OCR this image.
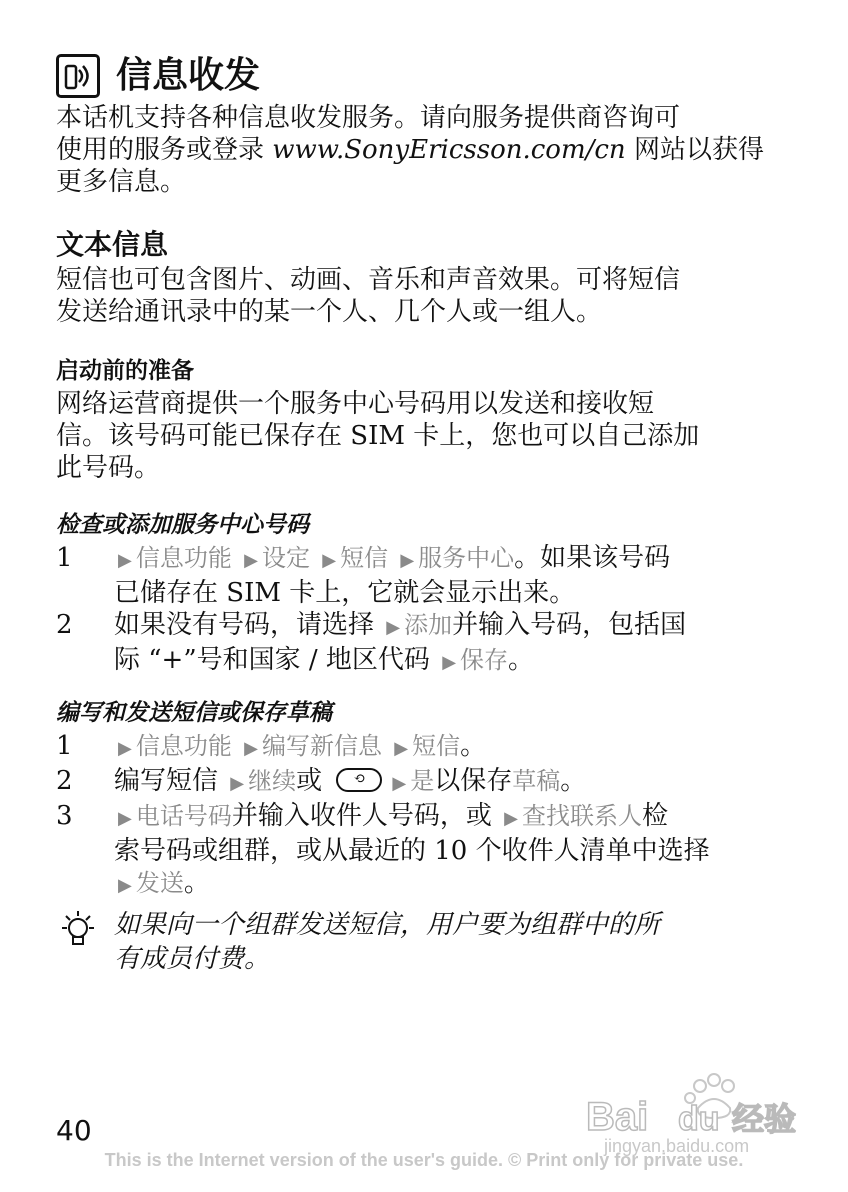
信息收发
本话机支持各种信息收发服务。请向服务提供商咨询可
使用的服务或登录 www.SonyEricsson.com/cn 网站以获得
更多信息。
文本信息
短信也可包含图片、动画、音乐和声音效果。可将短信
发送给通讯录中的某一个人、几个人或一组人。
启动前的准备
网络运营商提供一个服务中心号码用以发送和接收短
信。该号码可能已保存在 SIM 卡上，您也可以自己添加
此号码。
检查或添加服务中心号码
1	▶ 信息功能 ▶ 设定 ▶ 短信 ▶ 服务中心。如果该号码
已储存在 SIM 卡上，它就会显示出来。
2	如果没有号码，请选择 ▶ 添加并输入号码，包括国
际 “+”号和国家 / 地区代码 ▶ 保存。
编写和发送短信或保存草稿
1	▶ 信息功能 ▶ 编写新信息 ▶ 短信。
2	编写短信 ▶ 继续或 ⟲ ▶ 是以保存草稿。
3	▶ 电话号码并输入收件人号码，或 ▶ 查找联系人检
索号码或组群，或从最近的 10 个收件人清单中选择
▶ 发送。
如果向一个组群发送短信，用户要为组群中的所
有成员付费。
Bai du 经验
jingyan.baidu.com
40
This is the Internet version of the user's guide. © Print only for private use.
